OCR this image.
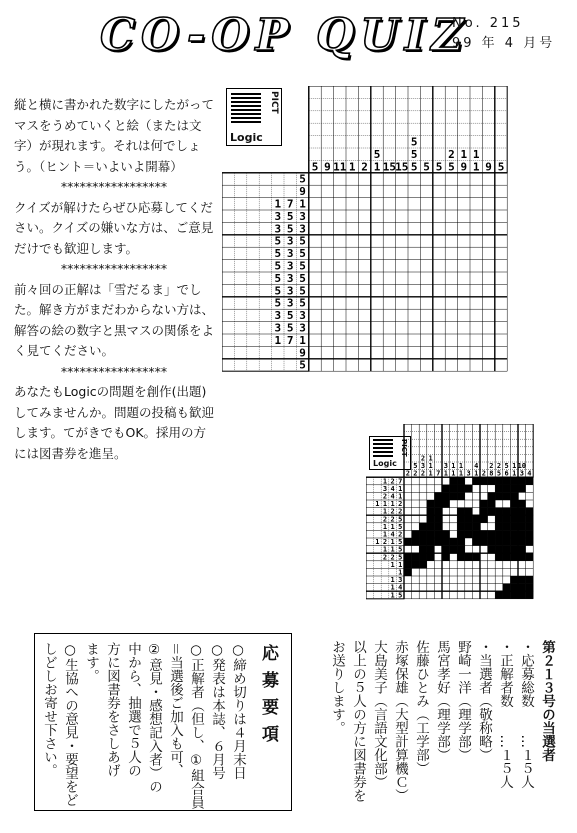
CO-OP QUIZ
No. 215
99 年 4 月号

縦と横に書かれた数字にしたがってマスをうめていくと絵（または文字）が現れます。それは何でしょう。（ヒント＝いよいよ開幕）

*****************

クイズが解けたらぜひ応募してください。クイズの嫌いな方は、ご意見だけでも歓迎します。

*****************

前々回の正解は「雪だるま」でした。解き方がまだわからない方は、解答の絵の数字と黒マスの関係をよく見てください。

*****************

あなたもLogicの問題を創作(出題)してみませんか。問題の投稿も歓迎します。てがきでもOK。採用の方には図書券を進呈。

PICT
Logic
PICT
Logic
5 9 11 1 2
5
1 15 15
5
5
5 5 5
2
5
1
9
1
1 9 5
5
9
1 7 1
3 5 3
3 5 3
5 3 5
5 3 5
5 3 5
5 3 5
5 3 5
5 3 5
3 5 3
3 5 3
1 7 1
9
5
2
5
2
2
3
2
1
1
1 7
3
1
1
1
1
1 3
4
1 2
2
8
2
5
5
6
1
1
10
3 4
1 2 7
3 4 1
2 4 1
1 1 1 2
1 2 2
2 2 5
1 1 5
1 4 2
1 2 1 5
1 1 5
2 2 5
1 1
1
1 3
1 4
1 5
応募要項
○締め切りは４月末日
○発表は本誌、６月号
○正解者（但し、①組合員
＝当選後ご加入も可、
②意見・感想記入者）の
中から、抽選で５人の
方に図書券をさしあげ
ます。
○生協への意見・要望をど
しどしお寄せ下さい。	第２１３号の当選者
・応募総数　　…１５人
・正解者数　　…１５人
・当選者（敬称略）
野崎一洋（理学部）
馬宮孝好（理学部）
佐藤ひとみ（工学部）
赤塚保雄（大型計算機Ｃ）
大島美子（言語文化部）
以上の５人の方に図書券を
お送りします。
